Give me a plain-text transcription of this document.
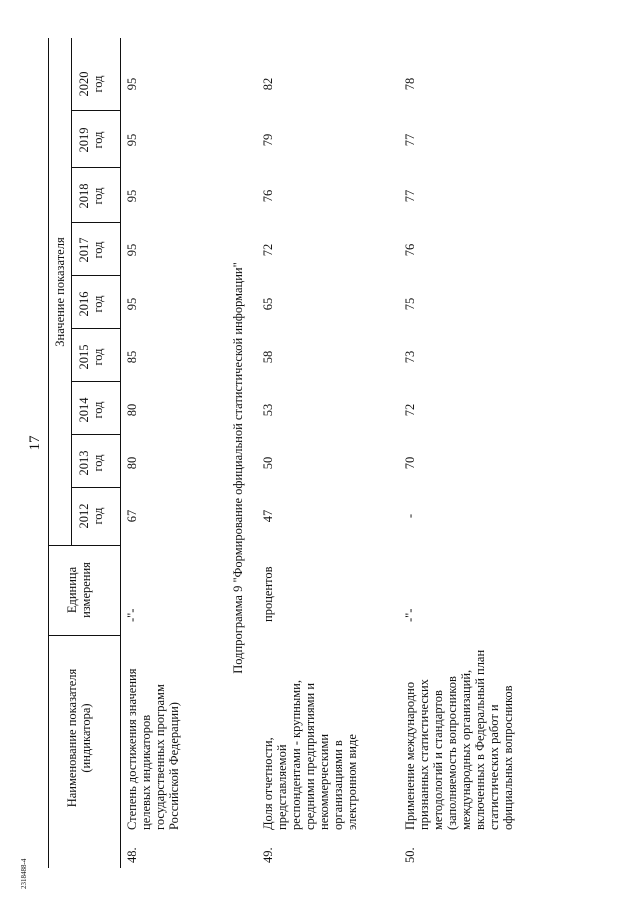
17
Наименование показателя (индикатора)
Единица измерения
Значение показателя
2012 год
2013 год
2014 год
2015 год
2016 год
2017 год
2018 год
2019 год
2020 год
48.
Степень достижения значения целевых индикаторов государственных программ Российской Федерации)
-"-
67
80
80
85
95
95
95
95
95
Подпрограмма 9 "Формирование официальной статистической информации"
49.
Доля отчетности, представляемой респондентами - крупными, средними предприятиями и некоммерческими организациями в электронном виде
процентов
47
50
53
58
65
72
76
79
82
50.
Применение международно признанных статистических методологий и стандартов (заполняемость вопросников международных организаций, включенных в Федеральный план статистических работ и официальных вопросников
-"-
-
70
72
73
75
76
77
77
78
2318488-4
